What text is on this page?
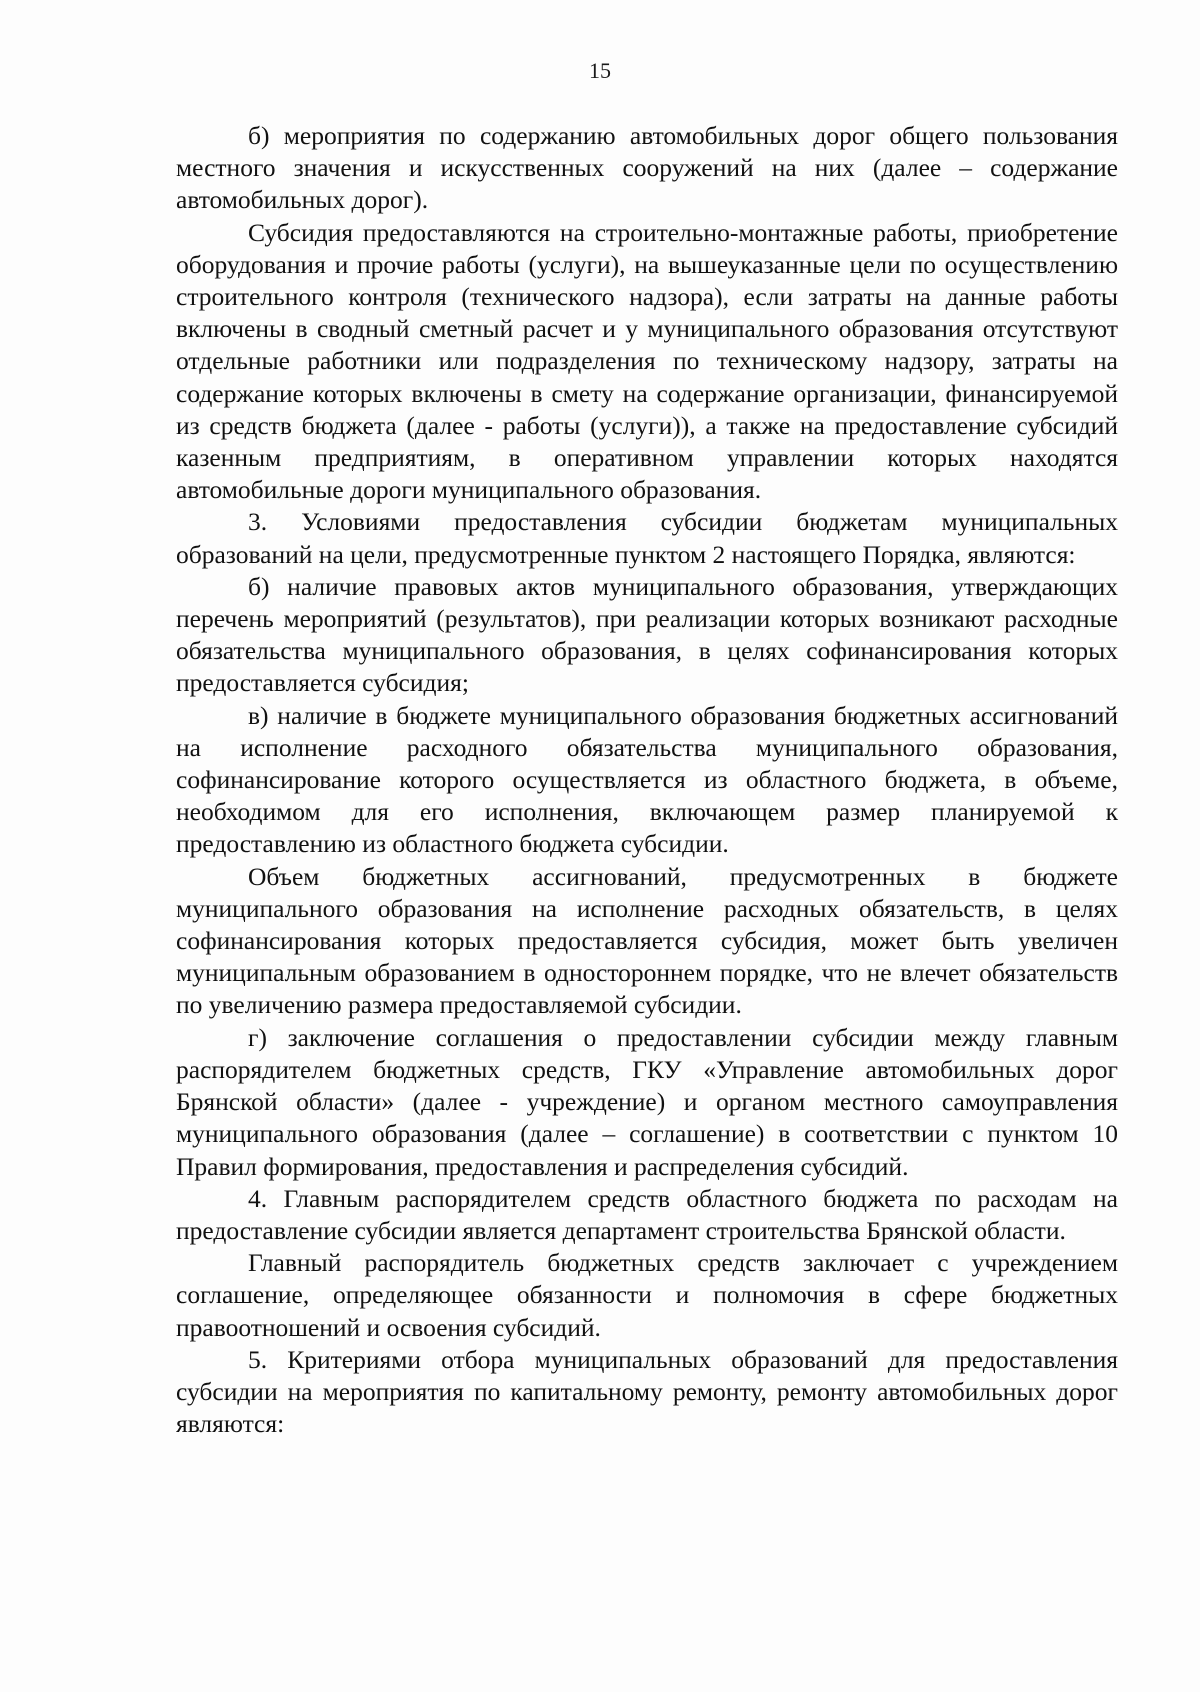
15

б) мероприятия по содержанию автомобильных дорог общего пользования местного значения и искусственных сооружений на них (далее – содержание автомобильных дорог).

Субсидия предоставляются на строительно-монтажные работы, приобретение оборудования и прочие работы (услуги), на вышеуказанные цели по осуществлению строительного контроля (технического надзора), если затраты на данные работы включены в сводный сметный расчет и у муниципального образования отсутствуют отдельные работники или подразделения по техническому надзору, затраты на содержание которых включены в смету на содержание организации, финансируемой из средств бюджета (далее - работы (услуги)), а также на предоставление субсидий казенным предприятиям, в оперативном управлении которых находятся автомобильные дороги муниципального образования.

3. Условиями предоставления субсидии бюджетам муниципальных образований на цели, предусмотренные пунктом 2 настоящего Порядка, являются:

б) наличие правовых актов муниципального образования, утверждающих перечень мероприятий (результатов), при реализации которых возникают расходные обязательства муниципального образования, в целях софинансирования которых предоставляется субсидия;

в) наличие в бюджете муниципального образования бюджетных ассигнований на исполнение расходного обязательства муниципального образования, софинансирование которого осуществляется из областного бюджета, в объеме, необходимом для его исполнения, включающем размер планируемой к предоставлению из областного бюджета субсидии.

Объем бюджетных ассигнований, предусмотренных в бюджете муниципального образования на исполнение расходных обязательств, в целях софинансирования которых предоставляется субсидия, может быть увеличен муниципальным образованием в одностороннем порядке, что не влечет обязательств по увеличению размера предоставляемой субсидии.

г) заключение соглашения о предоставлении субсидии между главным распорядителем бюджетных средств, ГКУ «Управление автомобильных дорог Брянской области» (далее - учреждение) и органом местного самоуправления муниципального образования (далее – соглашение) в соответствии с пунктом 10 Правил формирования, предоставления и распределения субсидий.

4. Главным распорядителем средств областного бюджета по расходам на предоставление субсидии является департамент строительства Брянской области.

Главный распорядитель бюджетных средств заключает с учреждением соглашение, определяющее обязанности и полномочия в сфере бюджетных правоотношений и освоения субсидий.

5. Критериями отбора муниципальных образований для предоставления субсидии на мероприятия по капитальному ремонту, ремонту автомобильных дорог являются:
